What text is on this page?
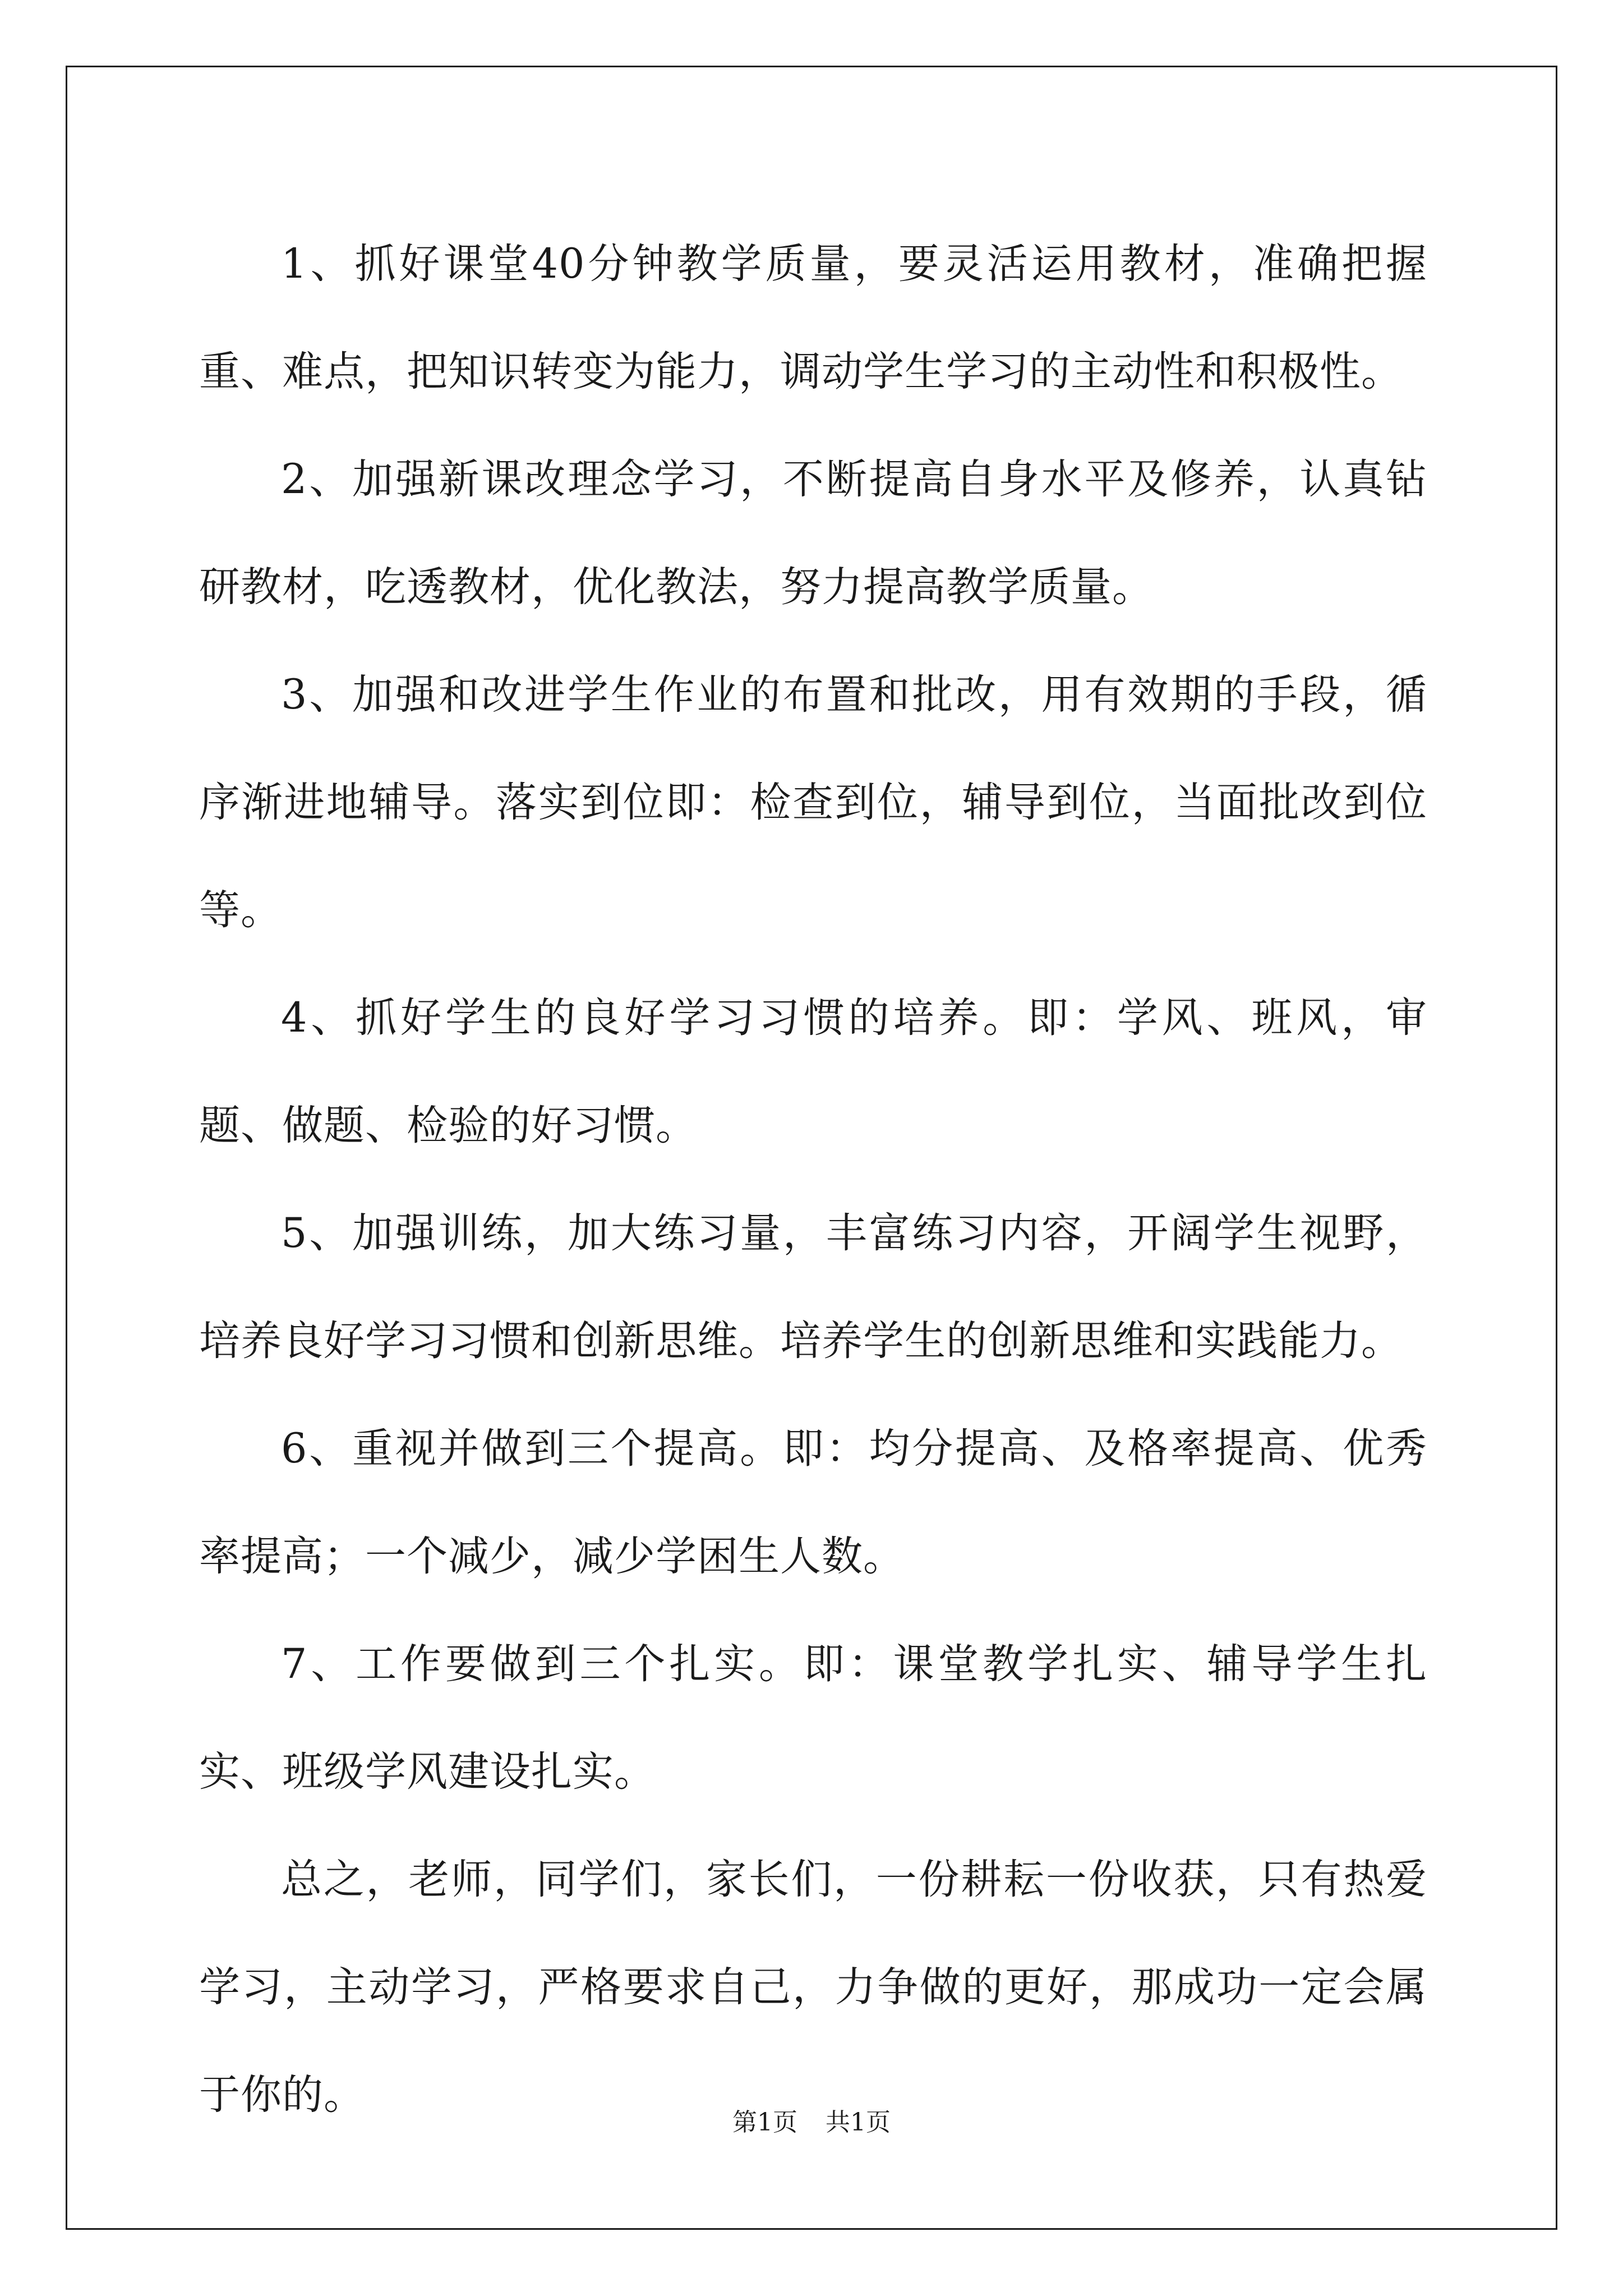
1、抓好课堂40分钟教学质量，要灵活运用教材，准确把握重、难点，把知识转变为能力，调动学生学习的主动性和积极性。

2、加强新课改理念学习，不断提高自身水平及修养，认真钻研教材，吃透教材，优化教法，努力提高教学质量。

3、加强和改进学生作业的布置和批改，用有效期的手段，循序渐进地辅导。落实到位即：检查到位，辅导到位，当面批改到位等。

4、抓好学生的良好学习习惯的培养。即：学风、班风，审题、做题、检验的好习惯。

5、加强训练，加大练习量，丰富练习内容，开阔学生视野，培养良好学习习惯和创新思维。培养学生的创新思维和实践能力。

6、重视并做到三个提高。即：均分提高、及格率提高、优秀率提高；一个减少，减少学困生人数。

7、工作要做到三个扎实。即：课堂教学扎实、辅导学生扎实、班级学风建设扎实。

总之，老师，同学们，家长们，一份耕耘一份收获，只有热爱学习，主动学习，严格要求自己，力争做的更好，那成功一定会属于你的。

第1页 共1页
